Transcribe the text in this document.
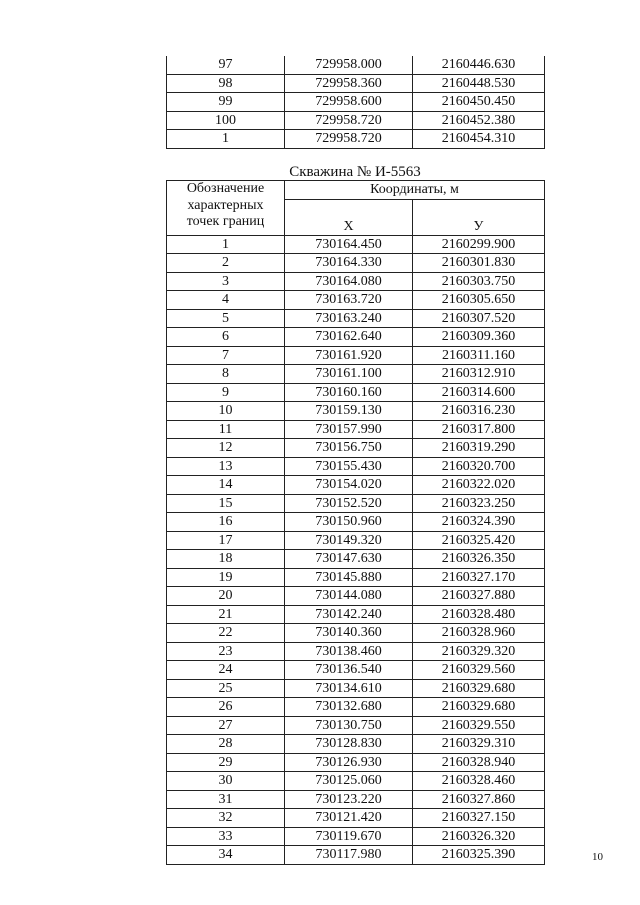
97	729958.000	2160446.630
98	729958.360	2160448.530
99	729958.600	2160450.450
100	729958.720	2160452.380
1	729958.720	2160454.310
Скважина № И-5563
Обозначение
характерных
точек границ	Координаты, м	
	X	У
1	730164.450	2160299.900
2	730164.330	2160301.830
3	730164.080	2160303.750
4	730163.720	2160305.650
5	730163.240	2160307.520
6	730162.640	2160309.360
7	730161.920	2160311.160
8	730161.100	2160312.910
9	730160.160	2160314.600
10	730159.130	2160316.230
11	730157.990	2160317.800
12	730156.750	2160319.290
13	730155.430	2160320.700
14	730154.020	2160322.020
15	730152.520	2160323.250
16	730150.960	2160324.390
17	730149.320	2160325.420
18	730147.630	2160326.350
19	730145.880	2160327.170
20	730144.080	2160327.880
21	730142.240	2160328.480
22	730140.360	2160328.960
23	730138.460	2160329.320
24	730136.540	2160329.560
25	730134.610	2160329.680
26	730132.680	2160329.680
27	730130.750	2160329.550
28	730128.830	2160329.310
29	730126.930	2160328.940
30	730125.060	2160328.460
31	730123.220	2160327.860
32	730121.420	2160327.150
33	730119.670	2160326.320
34	730117.980	2160325.390	10
